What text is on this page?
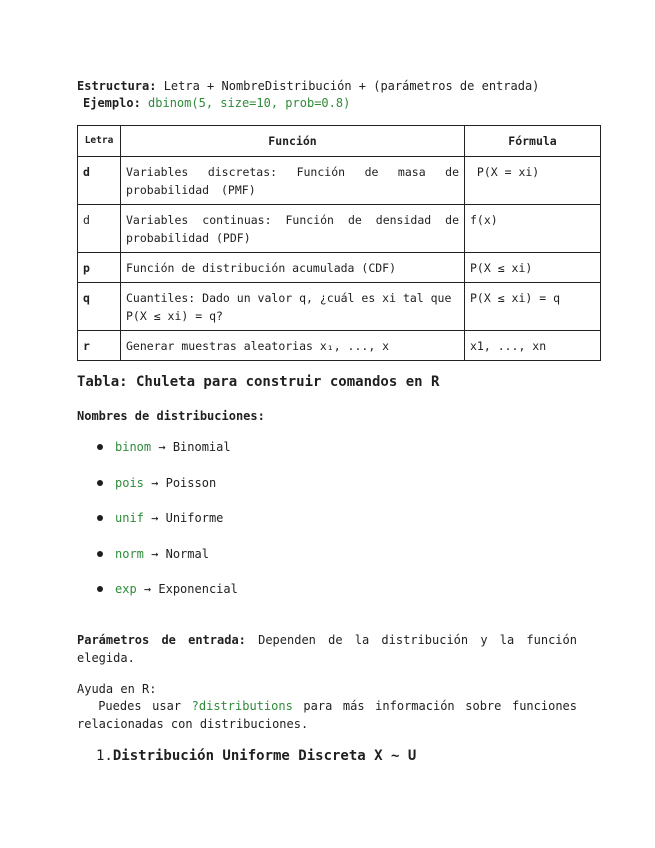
Estructura: Letra + NombreDistribución + (parámetros de entrada)
Ejemplo: dbinom(5, size=10, prob=0.8)
Letra	Función	Fórmula
d	Variables discretas: Función de masa de probabilidad (PMF)	P(X = xi)
d	Variables continuas: Función de densidad de probabilidad (PDF)	f(x)
p	Función de distribución acumulada (CDF)	P(X ≤ xi)
q	Cuantiles: Dado un valor q, ¿cuál es xi tal que P(X ≤ xi) = q?	P(X ≤ xi) = q
r	Generar muestras aleatorias x₁, ..., x	x1, ..., xn
Tabla: Chuleta para construir comandos en R
Nombres de distribuciones:
binom → Binomial
pois → Poisson
unif → Uniforme
norm → Normal
exp → Exponencial
Parámetros de entrada: Dependen de la distribución y la función elegida.
Ayuda en R:
Puedes usar ?distributions para más información sobre funciones relacionadas con distribuciones.
1.Distribución Uniforme Discreta X ~ U
